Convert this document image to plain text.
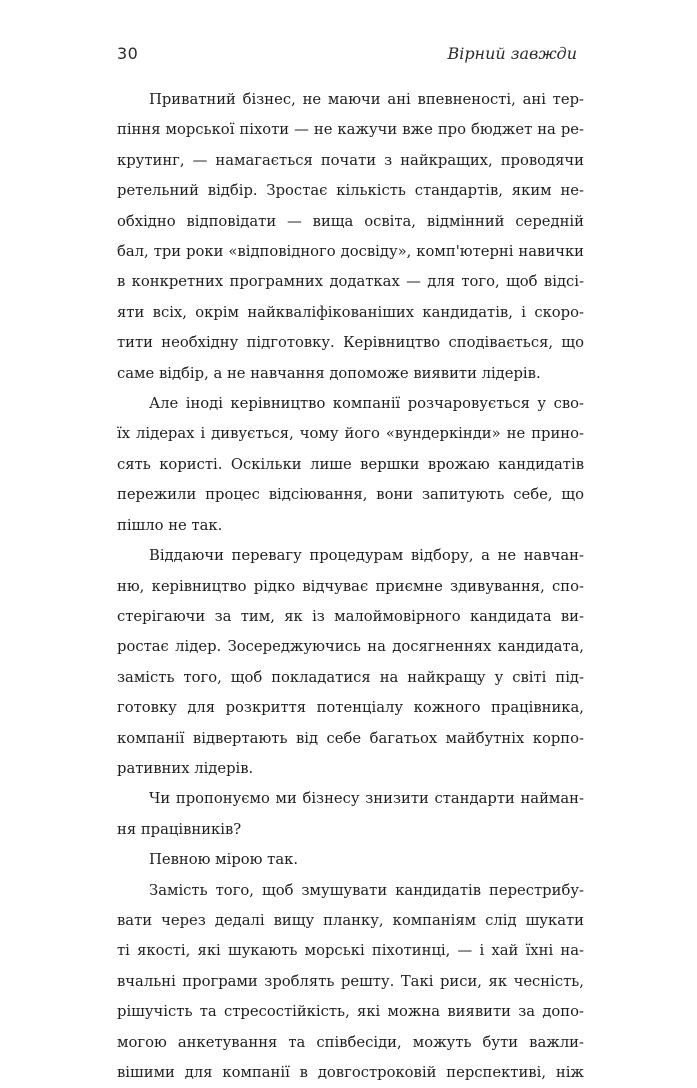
30	Вірний завжди

Приватний бізнес, не маючи ані впевненості, ані тер-
піння морської піхоти — не кажучи вже про бюджет на ре-
крутинг, — намагається почати з найкращих, проводячи
ретельний відбір. Зростає кількість стандартів, яким не-
обхідно відповідати — вища освіта, відмінний середній
бал, три роки «відповідного досвіду», комп'ютерні навички
в конкретних програмних додатках — для того, щоб відсі-
яти всіх, окрім найкваліфікованіших кандидатів, і скоро-
тити необхідну підготовку. Керівництво сподівається, що
саме відбір, а не навчання допоможе виявити лідерів.

Але іноді керівництво компанії розчаровується у сво-
їх лідерах і дивується, чому його «вундеркінди» не прино-
сять користі. Оскільки лише вершки врожаю кандидатів
пережили процес відсіювання, вони запитують себе, що
пішло не так.

Віддаючи перевагу процедурам відбору, а не навчан-
ню, керівництво рідко відчуває приємне здивування, спо-
стерігаючи за тим, як із малоймовірного кандидата ви-
ростає лідер. Зосереджуючись на досягненнях кандидата,
замість того, щоб покладатися на найкращу у світі під-
готовку для розкриття потенціалу кожного працівника,
компанії відвертають від себе багатьох майбутніх корпо-
ративних лідерів.

Чи пропонуємо ми бізнесу знизити стандарти найман-
ня працівників?

Певною мірою так.

Замість того, щоб змушувати кандидатів перестрибу-
вати через дедалі вищу планку, компаніям слід шукати
ті якості, які шукають морські піхотинці, — і хай їхні на-
вчальні програми зроблять решту. Такі риси, як чесність,
рішучість та стресостійкість, які можна виявити за допо-
могою анкетування та співбесіди, можуть бути важли-
вішими для компанії в довгостроковій перспективі, ніж
